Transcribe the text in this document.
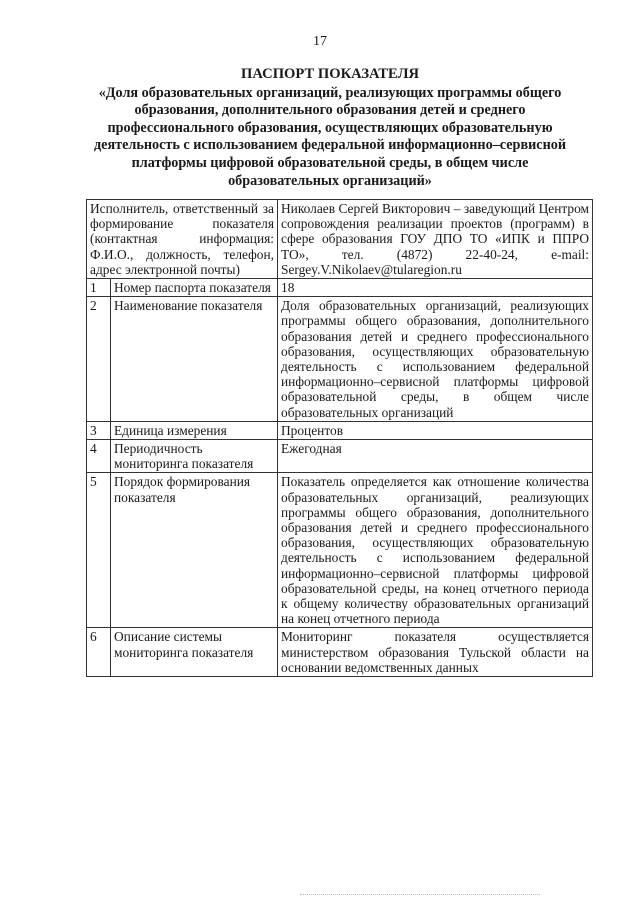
17
ПАСПОРТ ПОКАЗАТЕЛЯ
«Доля образовательных организаций, реализующих программы общего образования, дополнительного образования детей и среднего профессионального образования, осуществляющих образовательную деятельность с использованием федеральной информационно–сервисной платформы цифровой образовательной среды, в общем числе образовательных организаций»
Исполнитель, ответственный за формирование показателя (контактная информация: Ф.И.О., должность, телефон, адрес электронной почты)		Николаев Сергей Викторович – заведующий Центром сопровождения реализации проектов (программ) в сфере образования ГОУ ДПО ТО «ИПК и ППРО ТО», тел. (4872) 22-40-24, e-mail: Sergey.V.Nikolaev@tularegion.ru
1	Номер паспорта показателя	18
2	Наименование показателя	Доля образовательных организаций, реализующих программы общего образования, дополнительного образования детей и среднего профессионального образования, осуществляющих образовательную деятельность с использованием федеральной информационно–сервисной платформы цифровой образовательной среды, в общем числе образовательных организаций
3	Единица измерения	Процентов
4	Периодичность мониторинга показателя	Ежегодная
5	Порядок формирования показателя	Показатель определяется как отношение количества образовательных организаций, реализующих программы общего образования, дополнительного образования детей и среднего профессионального образования, осуществляющих образовательную деятельность с использованием федеральной информационно–сервисной платформы цифровой образовательной среды, на конец отчетного периода к общему количеству образовательных организаций на конец отчетного периода
6	Описание системы мониторинга показателя	Мониторинг показателя осуществляется министерством образования Тульской области на основании ведомственных данных
